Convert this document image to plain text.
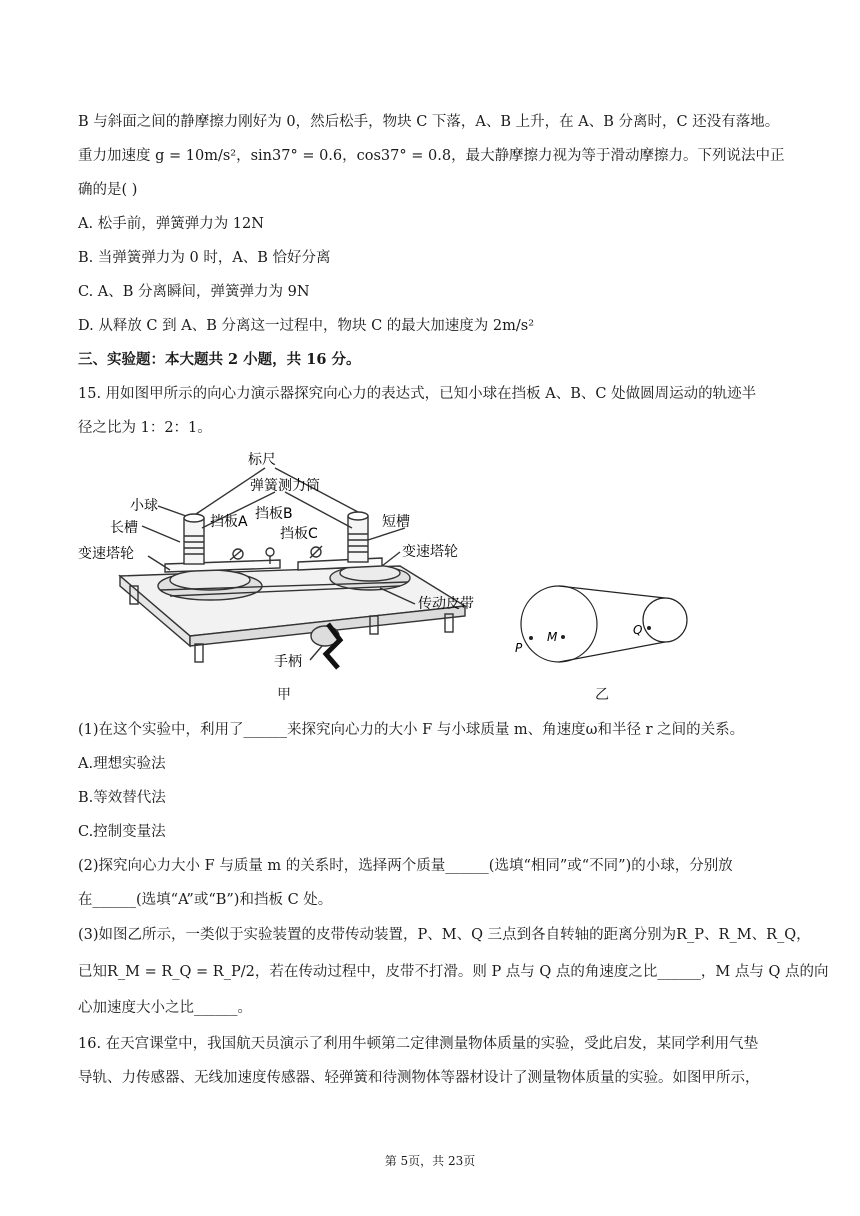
B 与斜面之间的静摩擦力刚好为 0，然后松手，物块 C 下落，A、B 上升，在 A、B 分离时，C 还没有落地。
重力加速度 g = 10m/s²，sin37° = 0.6，cos37° = 0.8，最大静摩擦力视为等于滑动摩擦力。下列说法中正
确的是( )
A. 松手前，弹簧弹力为 12N
B. 当弹簧弹力为 0 时，A、B 恰好分离
C. A、B 分离瞬间，弹簧弹力为 9N
D. 从释放 C 到 A、B 分离这一过程中，物块 C 的最大加速度为 2m/s²
三、实验题：本大题共 2 小题，共 16 分。
15. 用如图甲所示的向心力演示器探究向心力的表达式，已知小球在挡板 A、B、C 处做圆周运动的轨迹半
径之比为 1：2：1。
标尺
弹簧测力筒
小球
挡板A 挡板B
挡板C
长槽	短槽
变速塔轮	变速塔轮
传动皮带
手柄
甲
P
M	Q
乙
(1)在这个实验中，利用了______来探究向心力的大小 F 与小球质量 m、角速度ω和半径 r 之间的关系。
A.理想实验法
B.等效替代法
C.控制变量法
(2)探究向心力大小 F 与质量 m 的关系时，选择两个质量______(选填“相同”或“不同”)的小球，分别放
在______(选填“A”或“B”)和挡板 C 处。
(3)如图乙所示，一类似于实验装置的皮带传动装置，P、M、Q 三点到各自转轴的距离分别为R_P、R_M、R_Q，
已知R_M = R_Q = R_P/2，若在传动过程中，皮带不打滑。则 P 点与 Q 点的角速度之比______，M 点与 Q 点的向
心加速度大小之比______。
16. 在天宫课堂中，我国航天员演示了利用牛顿第二定律测量物体质量的实验，受此启发，某同学利用气垫
导轨、力传感器、无线加速度传感器、轻弹簧和待测物体等器材设计了测量物体质量的实验。如图甲所示，
第 5页，共 23页
